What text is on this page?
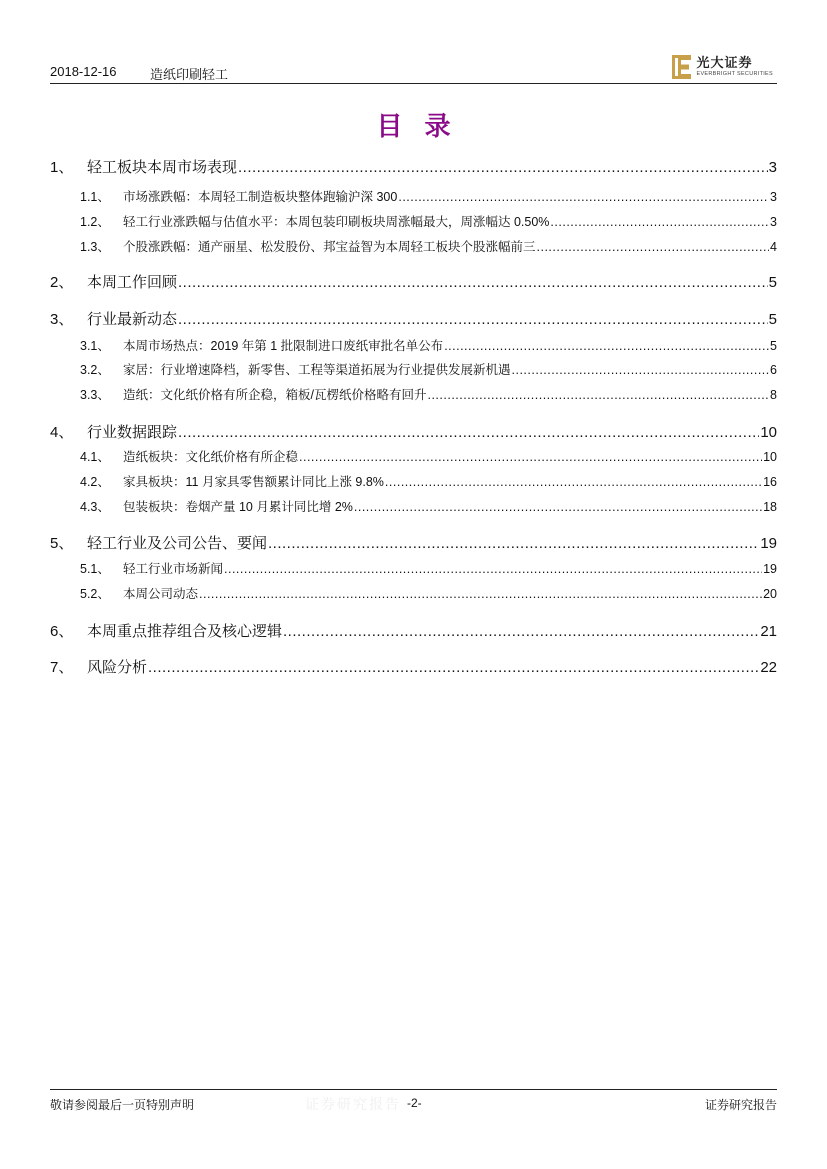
2018-12-16	造纸印刷轻工
光大证券
EVERBRIGHT SECURITIES
目录
1、 轻工板块本周市场表现 .....	3
1.1、	市场涨跌幅：本周轻工制造板块整体跑输沪深 300 .....	3
1.2、	轻工行业涨跌幅与估值水平：本周包装印刷板块周涨幅最大，周涨幅达 0.50% .....	3
1.3、	个股涨跌幅：通产丽星、松发股份、邦宝益智为本周轻工板块个股涨幅前三 .....	4
2、 本周工作回顾 .....	5
3、 行业最新动态 .....	5
3.1、	本周市场热点：2019 年第 1 批限制进口废纸审批名单公布 .....	5
3.2、	家居：行业增速降档，新零售、工程等渠道拓展为行业提供发展新机遇 .....	6
3.3、	造纸：文化纸价格有所企稳，箱板/瓦楞纸价格略有回升 .....	8
4、 行业数据跟踪 .....	10
4.1、	造纸板块：文化纸价格有所企稳 .....	10
4.2、	家具板块：11 月家具零售额累计同比上涨 9.8% .....	16
4.3、	包装板块：卷烟产量 10 月累计同比增 2% .....	18
5、 轻工行业及公司公告、要闻 .....	19
5.1、	轻工行业市场新闻 .....	19
5.2、	本周公司动态 .....	20
6、 本周重点推荐组合及核心逻辑 .....	21
7、 风险分析 .....	22
证券研究报告
敬请参阅最后一页特别声明	-2-	证券研究报告
